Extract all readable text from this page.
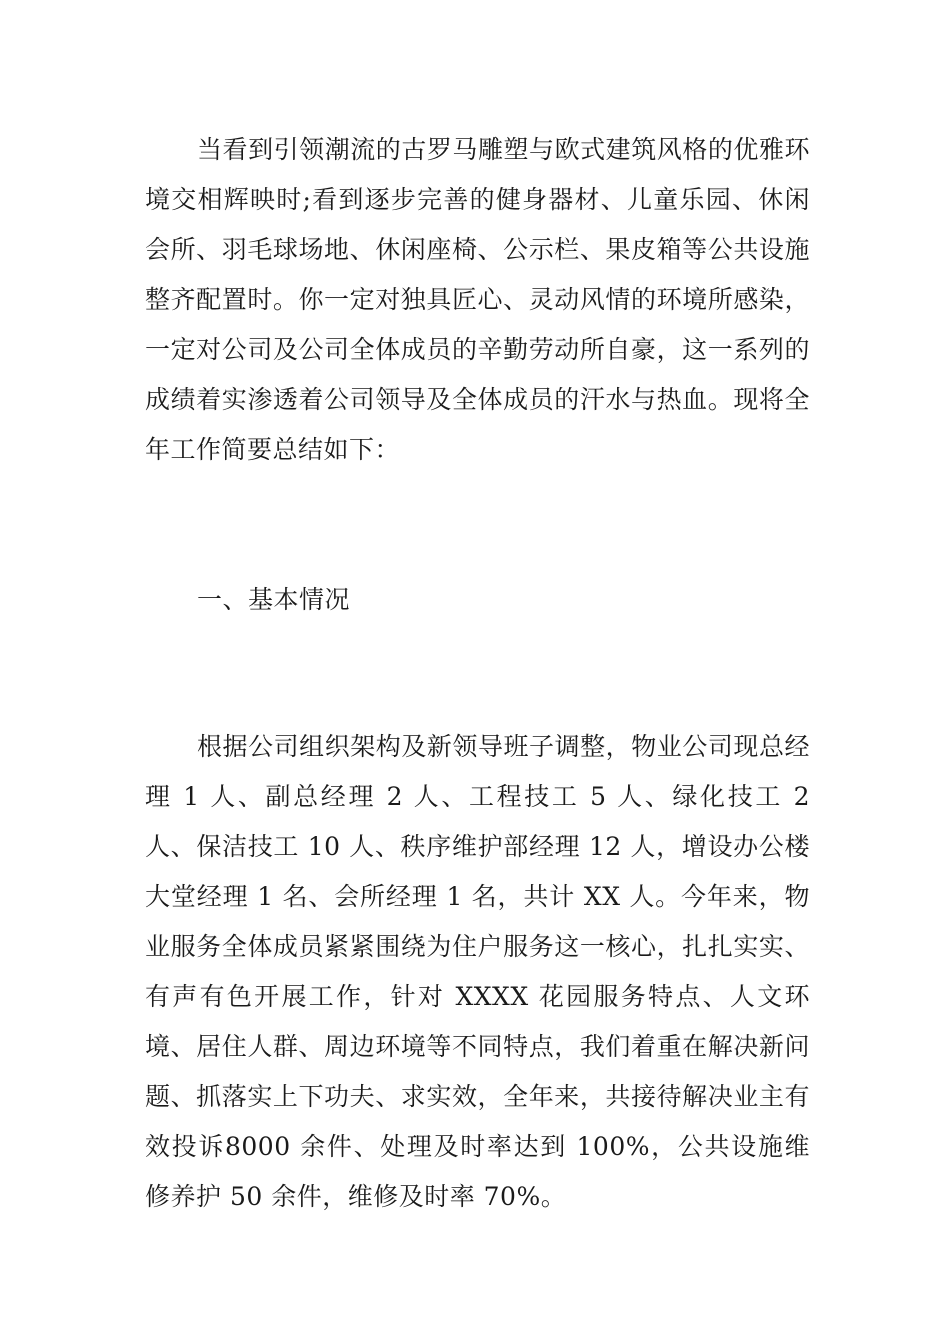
当看到引领潮流的古罗马雕塑与欧式建筑风格的优雅环境交相辉映时;看到逐步完善的健身器材、儿童乐园、休闲会所、羽毛球场地、休闲座椅、公示栏、果皮箱等公共设施整齐配置时。你一定对独具匠心、灵动风情的环境所感染，一定对公司及公司全体成员的辛勤劳动所自豪，这一系列的成绩着实渗透着公司领导及全体成员的汗水与热血。现将全年工作简要总结如下：

一、基本情况

根据公司组织架构及新领导班子调整，物业公司现总经理 1 人、副总经理 2 人、工程技工 5 人、绿化技工 2 人、保洁技工 10 人、秩序维护部经理 12 人，增设办公楼大堂经理 1 名、会所经理 1 名，共计 XX 人。今年来，物业服务全体成员紧紧围绕为住户服务这一核心，扎扎实实、有声有色开展工作，针对 XXXX 花园服务特点、人文环境、居住人群、周边环境等不同特点，我们着重在解决新问题、抓落实上下功夫、求实效，全年来，共接待解决业主有效投诉8000 余件、处理及时率达到 100%，公共设施维修养护 50 余件，维修及时率 70%。
